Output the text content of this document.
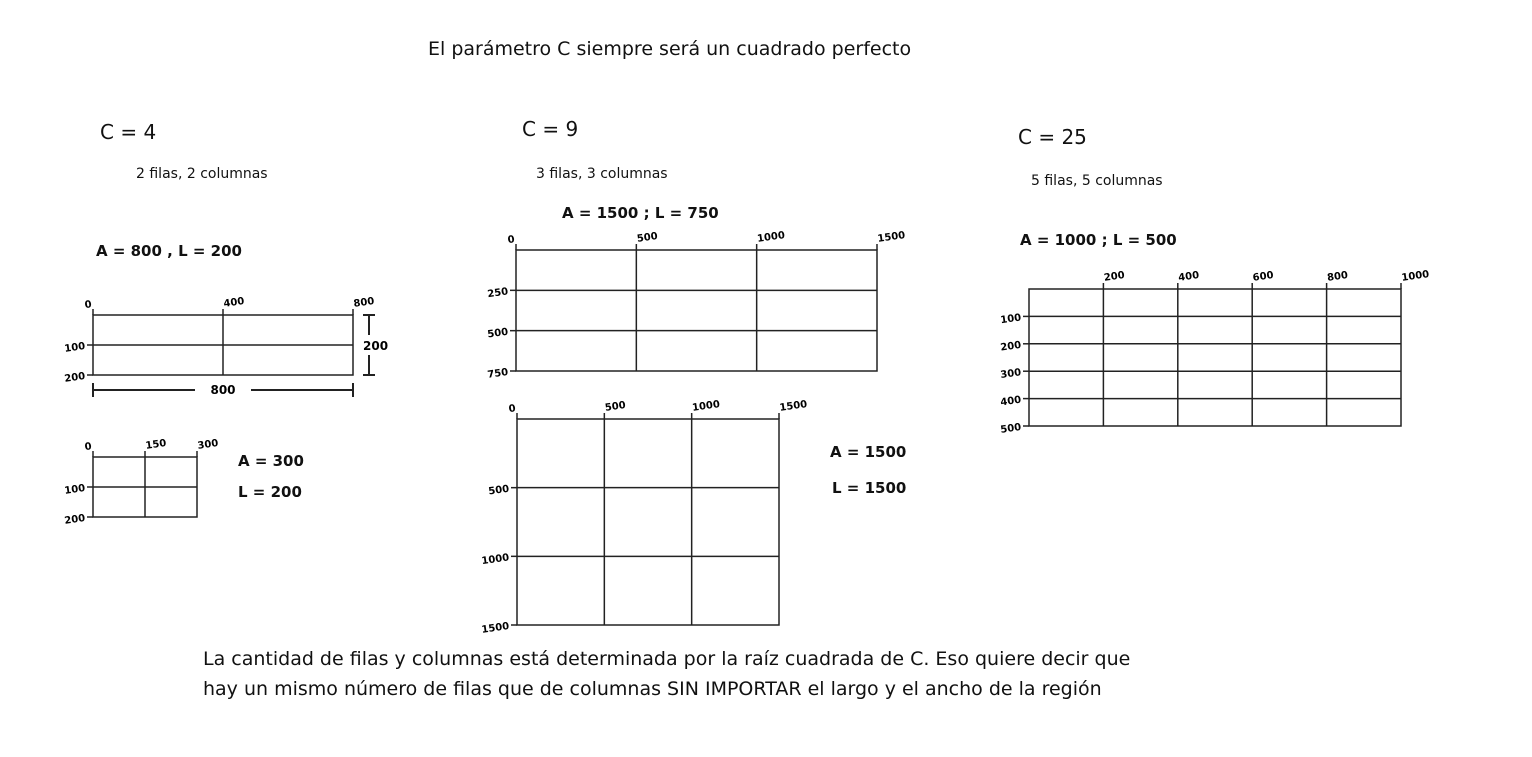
El parámetro C siempre será un cuadrado perfecto
C = 4
2 filas, 2 columnas
C = 9
3 filas, 3 columnas
C = 25
5 filas, 5 columnas
A = 800 , L = 200
A = 300
L = 200
A = 1500 ; L = 750
A = 1500
L = 1500
A = 1000 ; L = 500
0	400	800
100
200
800
200
0	150	300
100
200
0	500	1000	1500
250
500
750
0	500	1000	1500
500
1000
1500
200	400	600	800	1000
100
200
300
400
500
La cantidad de filas y columnas está determinada por la raíz cuadrada de C. Eso quiere decir que
hay un mismo número de filas que de columnas SIN IMPORTAR el largo y el ancho de la región
